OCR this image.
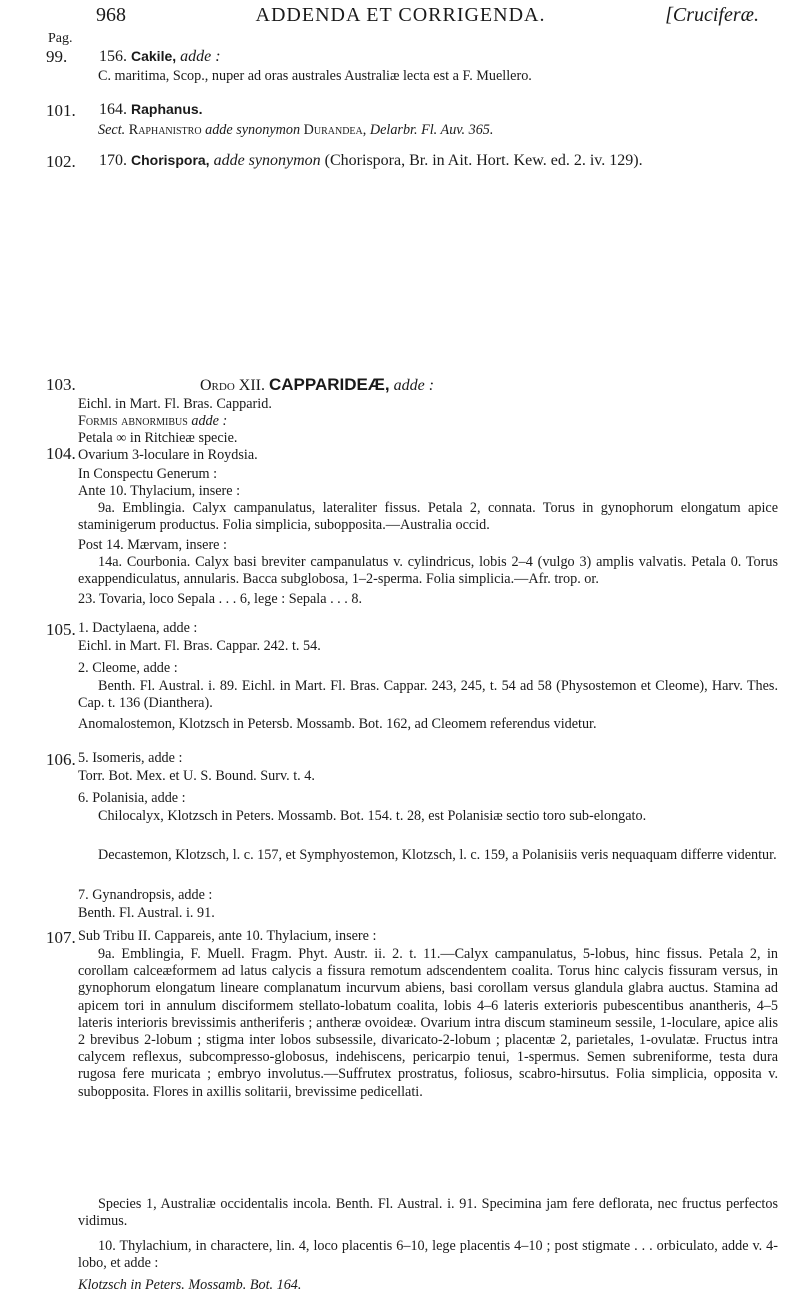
968	ADDENDA ET CORRIGENDA.	[Cruciferæ.
Pag.
99.
101.
102.
103.
104.
105.
106.
107.
156. Cakile, adde :
C. maritima, Scop., nuper ad oras australes Australiæ lecta est a F. Muellero.
164. Raphanus.
Sect. Raphanistro adde synonymon Durandea, Delarbr. Fl. Auv. 365.
170. Chorispora, adde synonymon (Chorispora, Br. in Ait. Hort. Kew. ed. 2. iv. 129).
Ordo XII. CAPPARIDEÆ, adde :
Eichl. in Mart. Fl. Bras. Capparid.
Formis abnormibus adde :
Petala ∞ in Ritchieæ specie.
Ovarium 3-loculare in Roydsia.
In Conspectu Generum :
Ante 10. Thylacium, insere :
9a. Emblingia. Calyx campanulatus, lateraliter fissus. Petala 2, connata. Torus in gynophorum elongatum apice staminigerum productus. Folia simplicia, subopposita.—Australia occid.
Post 14. Mærvam, insere :
14a. Courbonia. Calyx basi breviter campanulatus v. cylindricus, lobis 2–4 (vulgo 3) amplis valvatis. Petala 0. Torus exappendiculatus, annularis. Bacca subglobosa, 1–2-sperma. Folia simplicia.—Afr. trop. or.
23. Tovaria, loco Sepala . . . 6, lege : Sepala . . . 8.
1. Dactylaena, adde :
Eichl. in Mart. Fl. Bras. Cappar. 242. t. 54.
2. Cleome, adde :
Benth. Fl. Austral. i. 89. Eichl. in Mart. Fl. Bras. Cappar. 243, 245, t. 54 ad 58 (Physostemon et Cleome), Harv. Thes. Cap. t. 136 (Dianthera).
Anomalostemon, Klotzsch in Petersb. Mossamb. Bot. 162, ad Cleomem referendus videtur.
5. Isomeris, adde :
Torr. Bot. Mex. et U. S. Bound. Surv. t. 4.
6. Polanisia, adde :
Chilocalyx, Klotzsch in Peters. Mossamb. Bot. 154. t. 28, est Polanisiæ sectio toro sub-elongato.
Decastemon, Klotzsch, l. c. 157, et Symphyostemon, Klotzsch, l. c. 159, a Polanisiis veris nequaquam differre videntur.
7. Gynandropsis, adde :
Benth. Fl. Austral. i. 91.
Sub Tribu II. Cappareis, ante 10. Thylacium, insere :
9a. Emblingia, F. Muell. Fragm. Phyt. Austr. ii. 2. t. 11.—Calyx campanulatus, 5-lobus, hinc fissus. Petala 2, in corollam calceæformem ad latus calycis a fissura remotum adscendentem coalita. Torus hinc calycis fissuram versus, in gynophorum elongatum lineare complanatum incurvum abiens, basi corollam versus glandula glabra auctus. Stamina ad apicem tori in annulum disciformem stellato-lobatum coalita, lobis 4–6 lateris exterioris pubescentibus anantheris, 4–5 lateris interioris brevissimis antheriferis ; antheræ ovoideæ. Ovarium intra discum stamineum sessile, 1-loculare, apice alis 2 brevibus 2-lobum ; stigma inter lobos subsessile, divaricato-2-lobum ; placentæ 2, parietales, 1-ovulatæ. Fructus intra calycem reflexus, subcompresso-globosus, indehiscens, pericarpio tenui, 1-spermus. Semen subreniforme, testa dura rugosa fere muricata ; embryo involutus.—Suffrutex prostratus, foliosus, scabro-hirsutus. Folia simplicia, opposita v. subopposita. Flores in axillis solitarii, brevissime pedicellati.
Species 1, Australiæ occidentalis incola. Benth. Fl. Austral. i. 91. Specimina jam fere deflorata, nec fructus perfectos vidimus.
10. Thylachium, in charactere, lin. 4, loco placentis 6–10, lege placentis 4–10 ; post stigmate . . . orbiculato, adde v. 4-lobo, et adde :
Klotzsch in Peters. Mossamb. Bot. 164.
